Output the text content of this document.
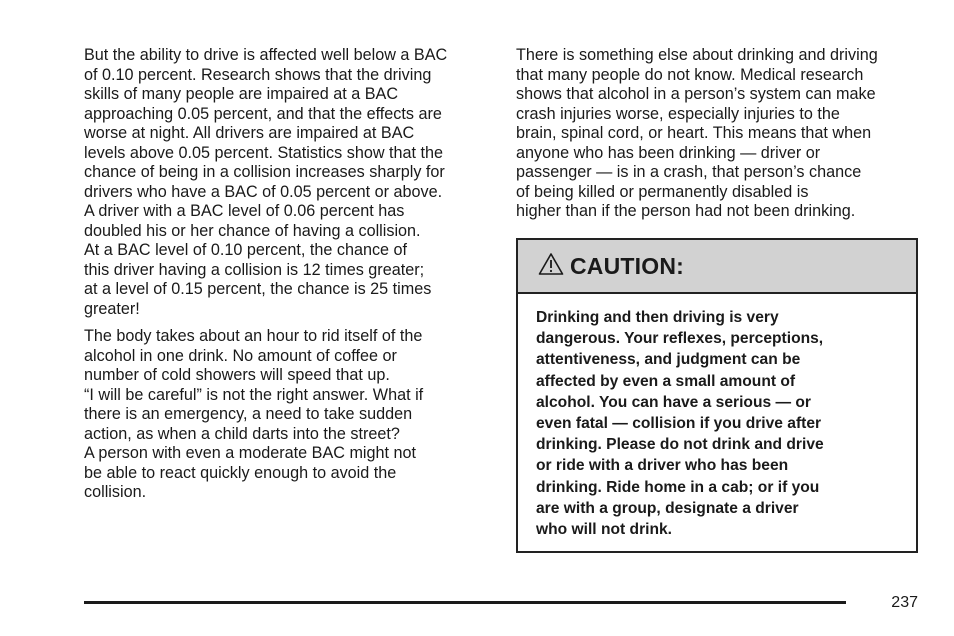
But the ability to drive is affected well below a BAC
of 0.10 percent. Research shows that the driving
skills of many people are impaired at a BAC
approaching 0.05 percent, and that the effects are
worse at night. All drivers are impaired at BAC
levels above 0.05 percent. Statistics show that the
chance of being in a collision increases sharply for
drivers who have a BAC of 0.05 percent or above.
A driver with a BAC level of 0.06 percent has
doubled his or her chance of having a collision.
At a BAC level of 0.10 percent, the chance of
this driver having a collision is 12 times greater;
at a level of 0.15 percent, the chance is 25 times
greater!

The body takes about an hour to rid itself of the
alcohol in one drink. No amount of coffee or
number of cold showers will speed that up.
“I will be careful” is not the right answer. What if
there is an emergency, a need to take sudden
action, as when a child darts into the street?
A person with even a moderate BAC might not
be able to react quickly enough to avoid the
collision.

There is something else about drinking and driving
that many people do not know. Medical research
shows that alcohol in a person’s system can make
crash injuries worse, especially injuries to the
brain, spinal cord, or heart. This means that when
anyone who has been drinking — driver or
passenger — is in a crash, that person’s chance
of being killed or permanently disabled is
higher than if the person had not been drinking.

CAUTION:

Drinking and then driving is very
dangerous. Your reflexes, perceptions,
attentiveness, and judgment can be
affected by even a small amount of
alcohol. You can have a serious — or
even fatal — collision if you drive after
drinking. Please do not drink and drive
or ride with a driver who has been
drinking. Ride home in a cab; or if you
are with a group, designate a driver
who will not drink.

237
